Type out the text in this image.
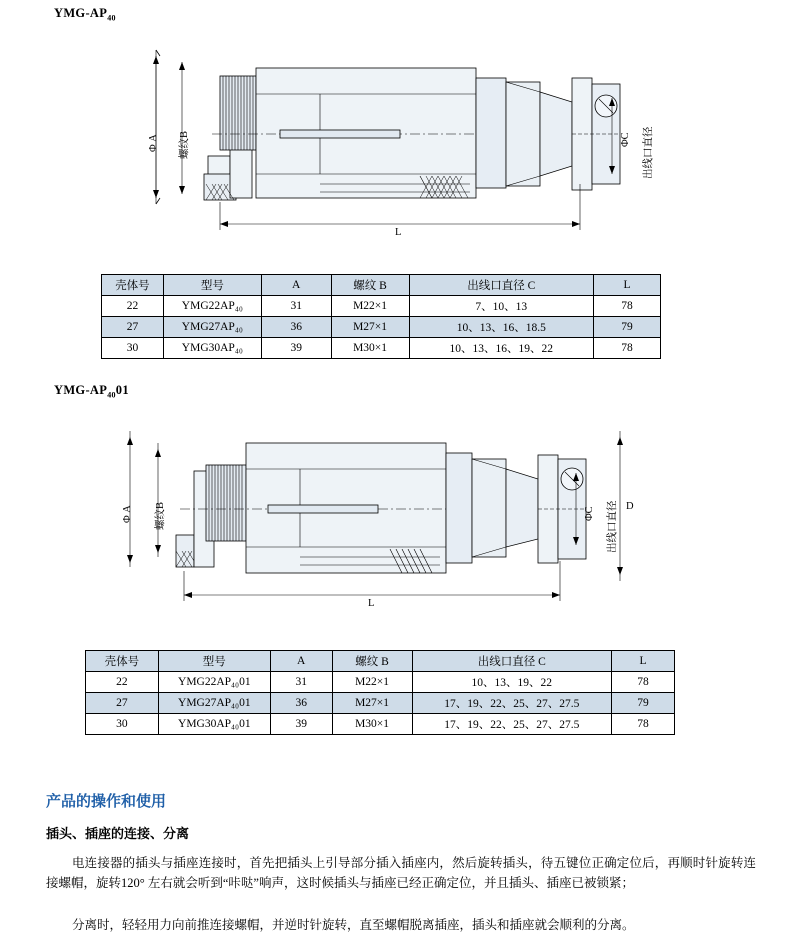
YMG-$AP_{40}$
Φ A 螺纹B	ΦC 出线口直径
L
壳体号	型号	A	螺纹 B	出线口直径 C	L
22	YMG22AP₄₀	31	M22×1	7、10、13	78
27	YMG27AP₄₀	36	M27×1	10、13、16、18.5	79
30	YMG30AP₄₀	39	M30×1	10、13、16、19、22	78
YMG-$AP_{40}01$
Φ A 螺纹B	ΦC 出线口直径 D
L
壳体号	型号	A	螺纹 B	出线口直径 C	L
22	YMG22AP₄₀01	31	M22×1	10、13、19、22	78
27	YMG27AP₄₀01	36	M27×1	17、19、22、25、27、27.5	79
30	YMG30AP₄₀01	39	M30×1	17、19、22、25、27、27.5	78
产品的操作和使用
插头、插座的连接、分离
电连接器的插头与插座连接时，首先把插头上引导部分插入插座内，然后旋转插头，待五键位正确定位后，再顺时针旋转连接螺帽，旋转120° 左右就会听到“咔哒”响声，这时候插头与插座已经正确定位，并且插头、插座已被锁紧；
分离时，轻轻用力向前推连接螺帽，并逆时针旋转，直至螺帽脱离插座，插头和插座就会顺利的分离。
